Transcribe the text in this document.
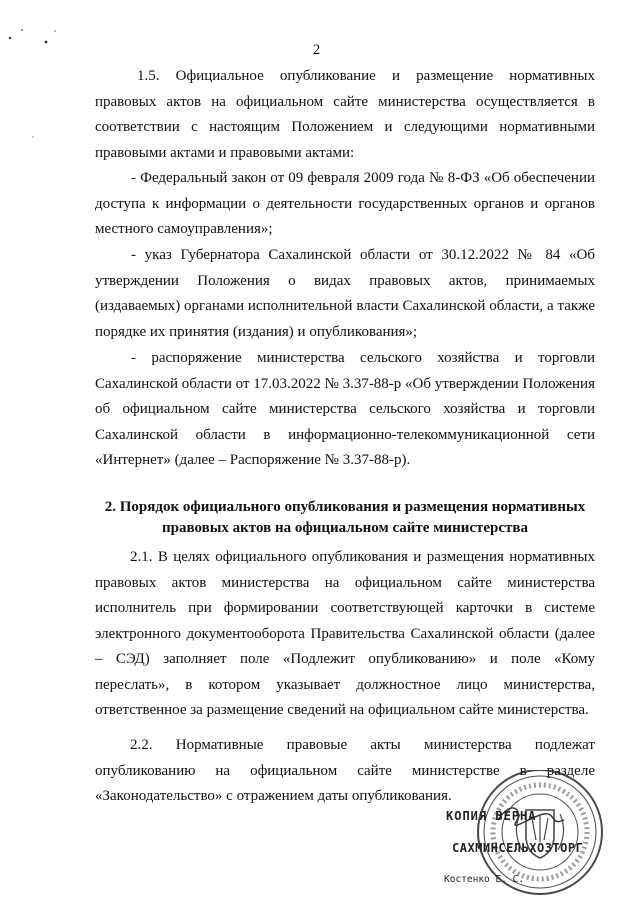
2

1.5. Официальное опубликование и размещение нормативных правовых актов на официальном сайте министерства осуществляется в соответствии с настоящим Положением и следующими нормативными правовыми актами и правовыми актами:

- Федеральный закон от 09 февраля 2009 года № 8-ФЗ «Об обеспечении доступа к информации о деятельности государственных органов и органов местного самоуправления»;

- указ Губернатора Сахалинской области от 30.12.2022 № 84 «Об утверждении Положения о видах правовых актов, принимаемых (издаваемых) органами исполнительной власти Сахалинской области, а также порядке их принятия (издания) и опубликования»;

- распоряжение министерства сельского хозяйства и торговли Сахалинской области от 17.03.2022 № 3.37-88-р «Об утверждении Положения об официальном сайте министерства сельского хозяйства и торговли Сахалинской области в информационно-телекоммуникационной сети «Интернет» (далее – Распоряжение № 3.37-88-р).

2. Порядок официального опубликования и размещения нормативных
правовых актов на официальном сайте министерства

2.1. В целях официального опубликования и размещения нормативных правовых актов министерства на официальном сайте министерства исполнитель при формировании соответствующей карточки в системе электронного документооборота Правительства Сахалинской области (далее – СЭД) заполняет поле «Подлежит опубликованию» и поле «Кому переслать», в котором указывает должностное лицо министерства, ответственное за размещение сведений на официальном сайте министерства.

2.2. Нормативные правовые акты министерства подлежат опубликованию на официальном сайте министерстве в разделе «Законодательство» с отражением даты опубликования.

КОПИЯ ВЕРНА
САХМИНСЕЛЬХОЗТОРГ
Костенко Е. С.
